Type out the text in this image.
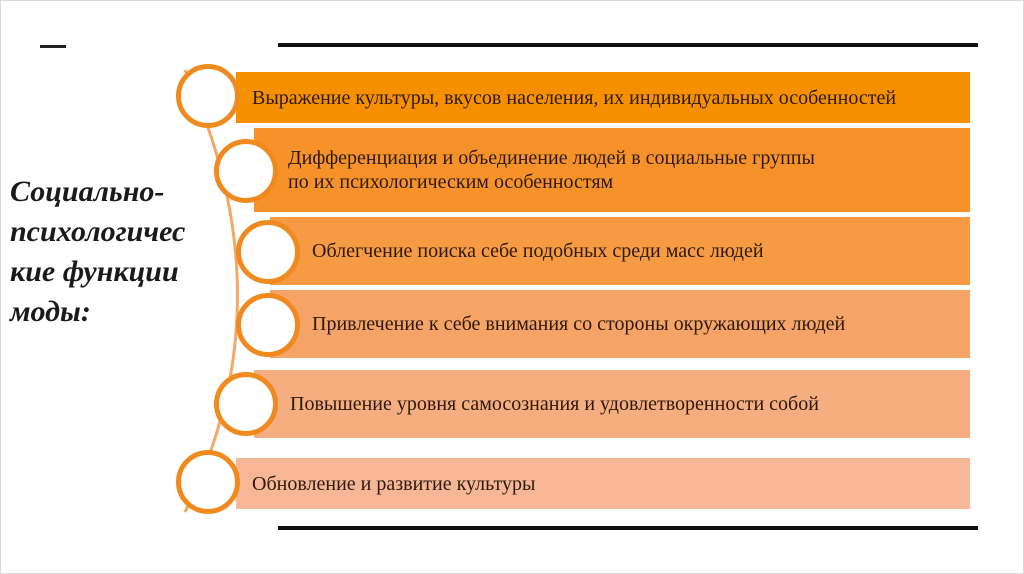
Социально-
психологичес
кие функции
моды:
Выражение культуры, вкусов населения, их индивидуальных особенностей
Дифференциация и объединение людей в социальные группы по их психологическим особенностям
Облегчение поиска себе подобных среди масс людей
Привлечение к себе внимания со стороны окружающих людей
Повышение уровня самосознания и удовлетворенности собой
Обновление и развитие культуры
